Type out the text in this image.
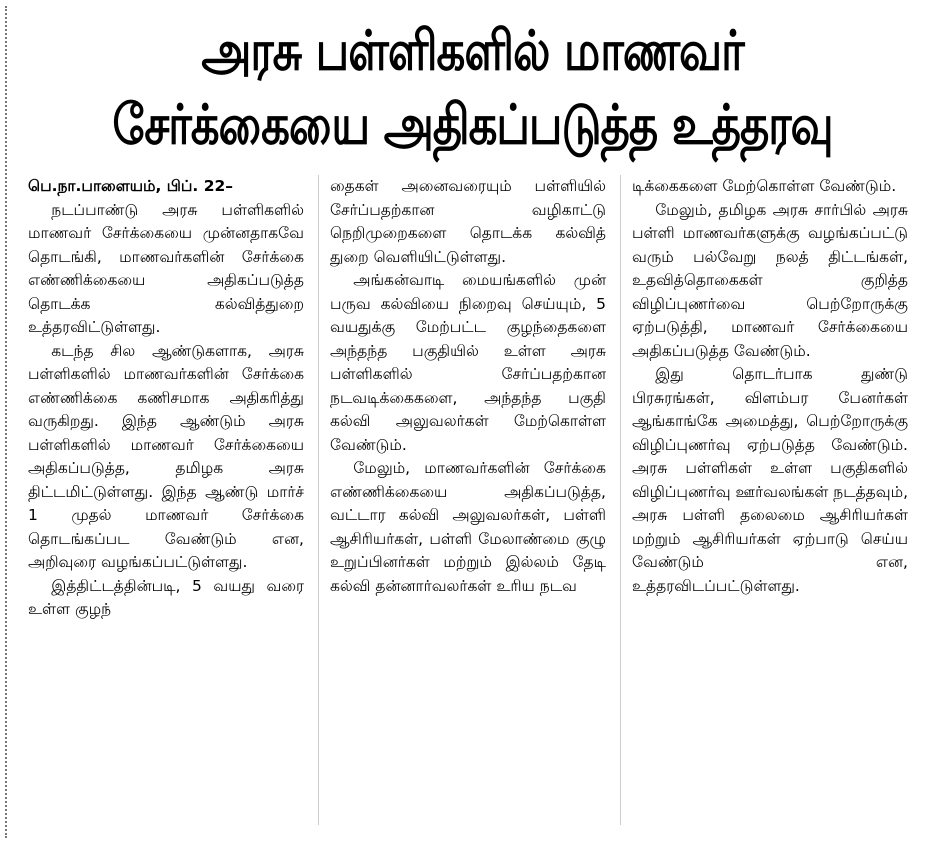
அரசு பள்ளிகளில் மாணவர்
சேர்க்கையை அதிகப்படுத்த உத்தரவு
பெ.நா.பாளையம், பிப். 22–

நடப்பாண்டு அரசு பள்ளிகளில் மாணவர் சேர்க்கையை முன்னதாகவே தொடங்கி, மாணவர்களின் சேர்க்கை எண்ணிக்கையை அதிகப்படுத்த தொடக்க கல்வித்துறை உத்தரவிட்டுள்ளது.

கடந்த சில ஆண்டுகளாக, அரசு பள்ளிகளில் மாணவர்களின் சேர்க்கை எண்ணிக்கை கணிசமாக அதிகரித்து வருகிறது. இந்த ஆண்டும் அரசு பள்ளிகளில் மாணவர் சேர்க்கையை அதிகப்படுத்த, தமிழக அரசு திட்டமிட்டுள்ளது. இந்த ஆண்டு மார்ச் 1 முதல் மாணவர் சேர்க்கை தொடங்கப்பட வேண்டும் என, அறிவுரை வழங்கப்பட்டுள்ளது.

இத்திட்டத்தின்படி, 5 வயது வரை உள்ள குழந்

தைகள் அனைவரையும் பள்ளியில் சேர்ப்பதற்கான வழிகாட்டு நெறிமுறைகளை தொடக்க கல்வித் துறை வெளியிட்டுள்ளது.

அங்கன்வாடி மையங்களில் முன் பருவ கல்வியை நிறைவு செய்யும், 5 வயதுக்கு மேற்பட்ட குழந்தைகளை அந்தந்த பகுதியில் உள்ள அரசு பள்ளிகளில் சேர்ப்பதற்கான நடவடிக்கைகளை, அந்தந்த பகுதி கல்வி அலுவலர்கள் மேற்கொள்ள வேண்டும்.

மேலும், மாணவர்களின் சேர்க்கை எண்ணிக்கையை அதிகப்படுத்த, வட்டார கல்வி அலுவலர்கள், பள்ளி ஆசிரியர்கள், பள்ளி மேலாண்மை குழு உறுப்பினர்கள் மற்றும் இல்லம் தேடி கல்வி தன்னார்வலர்கள் உரிய நடவ

டிக்கைகளை மேற்கொள்ள வேண்டும்.

மேலும், தமிழக அரசு சார்பில் அரசு பள்ளி மாணவர்களுக்கு வழங்கப்பட்டு வரும் பல்வேறு நலத் திட்டங்கள், உதவித்தொகைகள் குறித்த விழிப்புணர்வை பெற்றோருக்கு ஏற்படுத்தி, மாணவர் சேர்க்கையை அதிகப்படுத்த வேண்டும்.

இது தொடர்பாக துண்டு பிரசுரங்கள், விளம்பர பேனர்கள் ஆங்காங்கே அமைத்து, பெற்றோருக்கு விழிப்புணர்வு ஏற்படுத்த வேண்டும். அரசு பள்ளிகள் உள்ள பகுதிகளில் விழிப்புணர்வு ஊர்வலங்கள் நடத்தவும், அரசு பள்ளி தலைமை ஆசிரியர்கள் மற்றும் ஆசிரியர்கள் ஏற்பாடு செய்ய வேண்டும் என, உத்தரவிடப்பட்டுள்ளது.
